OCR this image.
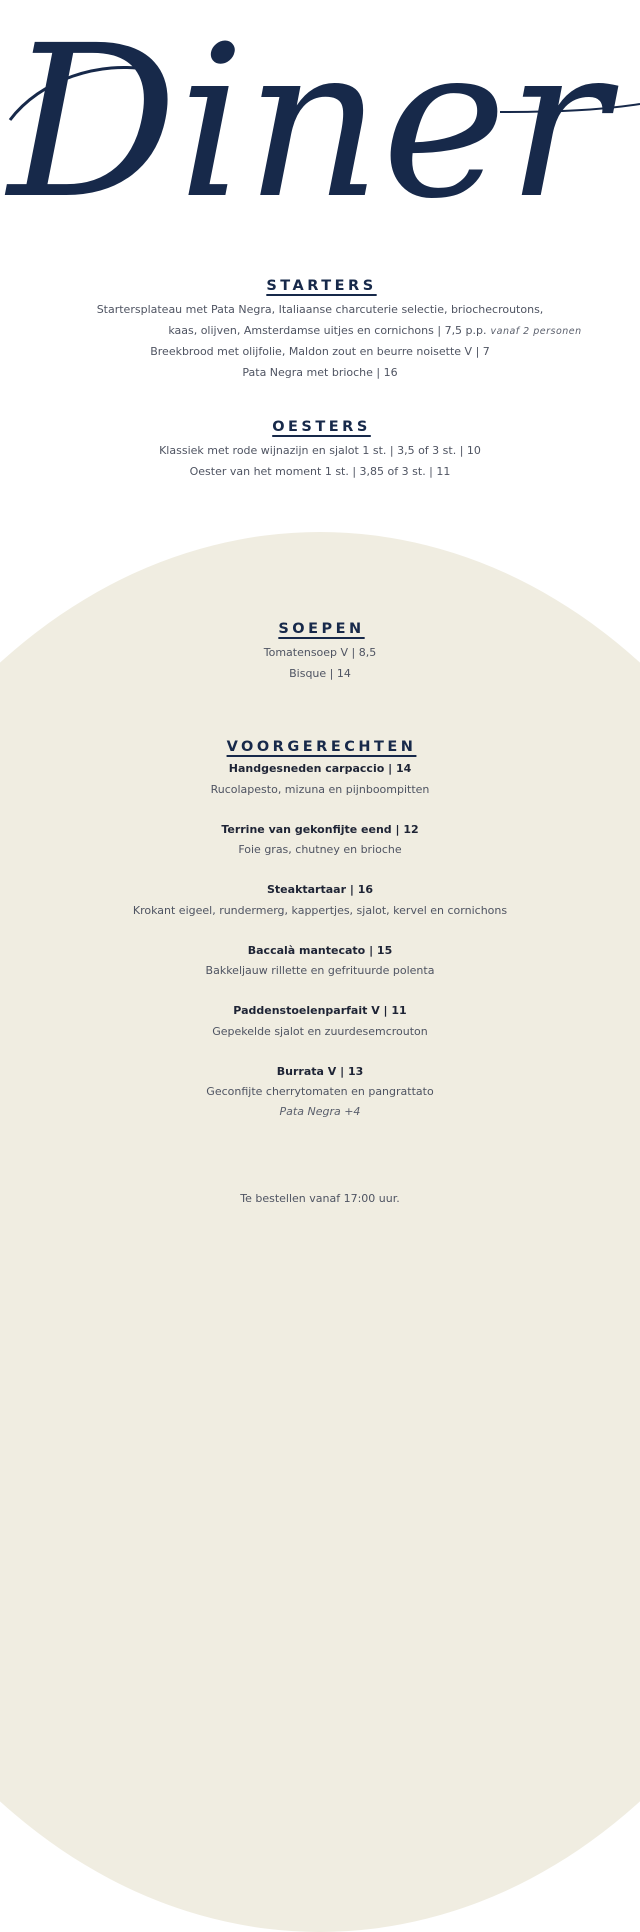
Diner
STARTERS
Startersplateau met Pata Negra, Italiaanse charcuterie selectie, briochecroutons,
kaas, olijven, Amsterdamse uitjes en cornichons | 7,5 p.p. vanaf 2 personen
Breekbrood met olijfolie, Maldon zout en beurre noisette V | 7
Pata Negra met brioche | 16
OESTERS
Klassiek met rode wijnazijn en sjalot 1 st. | 3,5 of 3 st. | 10
Oester van het moment 1 st. | 3,85 of 3 st. | 11
SOEPEN
Tomatensoep V | 8,5
Bisque | 14
VOORGERECHTEN
Handgesneden carpaccio | 14
Rucolapesto, mizuna en pijnboompitten
Terrine van gekonfijte eend | 12
Foie gras, chutney en brioche
Steaktartaar | 16
Krokant eigeel, rundermerg, kappertjes, sjalot, kervel en cornichons
Baccalà mantecato | 15
Bakkeljauw rillette en gefrituurde polenta
Paddenstoelenparfait V | 11
Gepekelde sjalot en zuurdesemcrouton
Burrata V | 13
Geconfijte cherrytomaten en pangrattato
Pata Negra +4
Te bestellen vanaf 17:00 uur.
